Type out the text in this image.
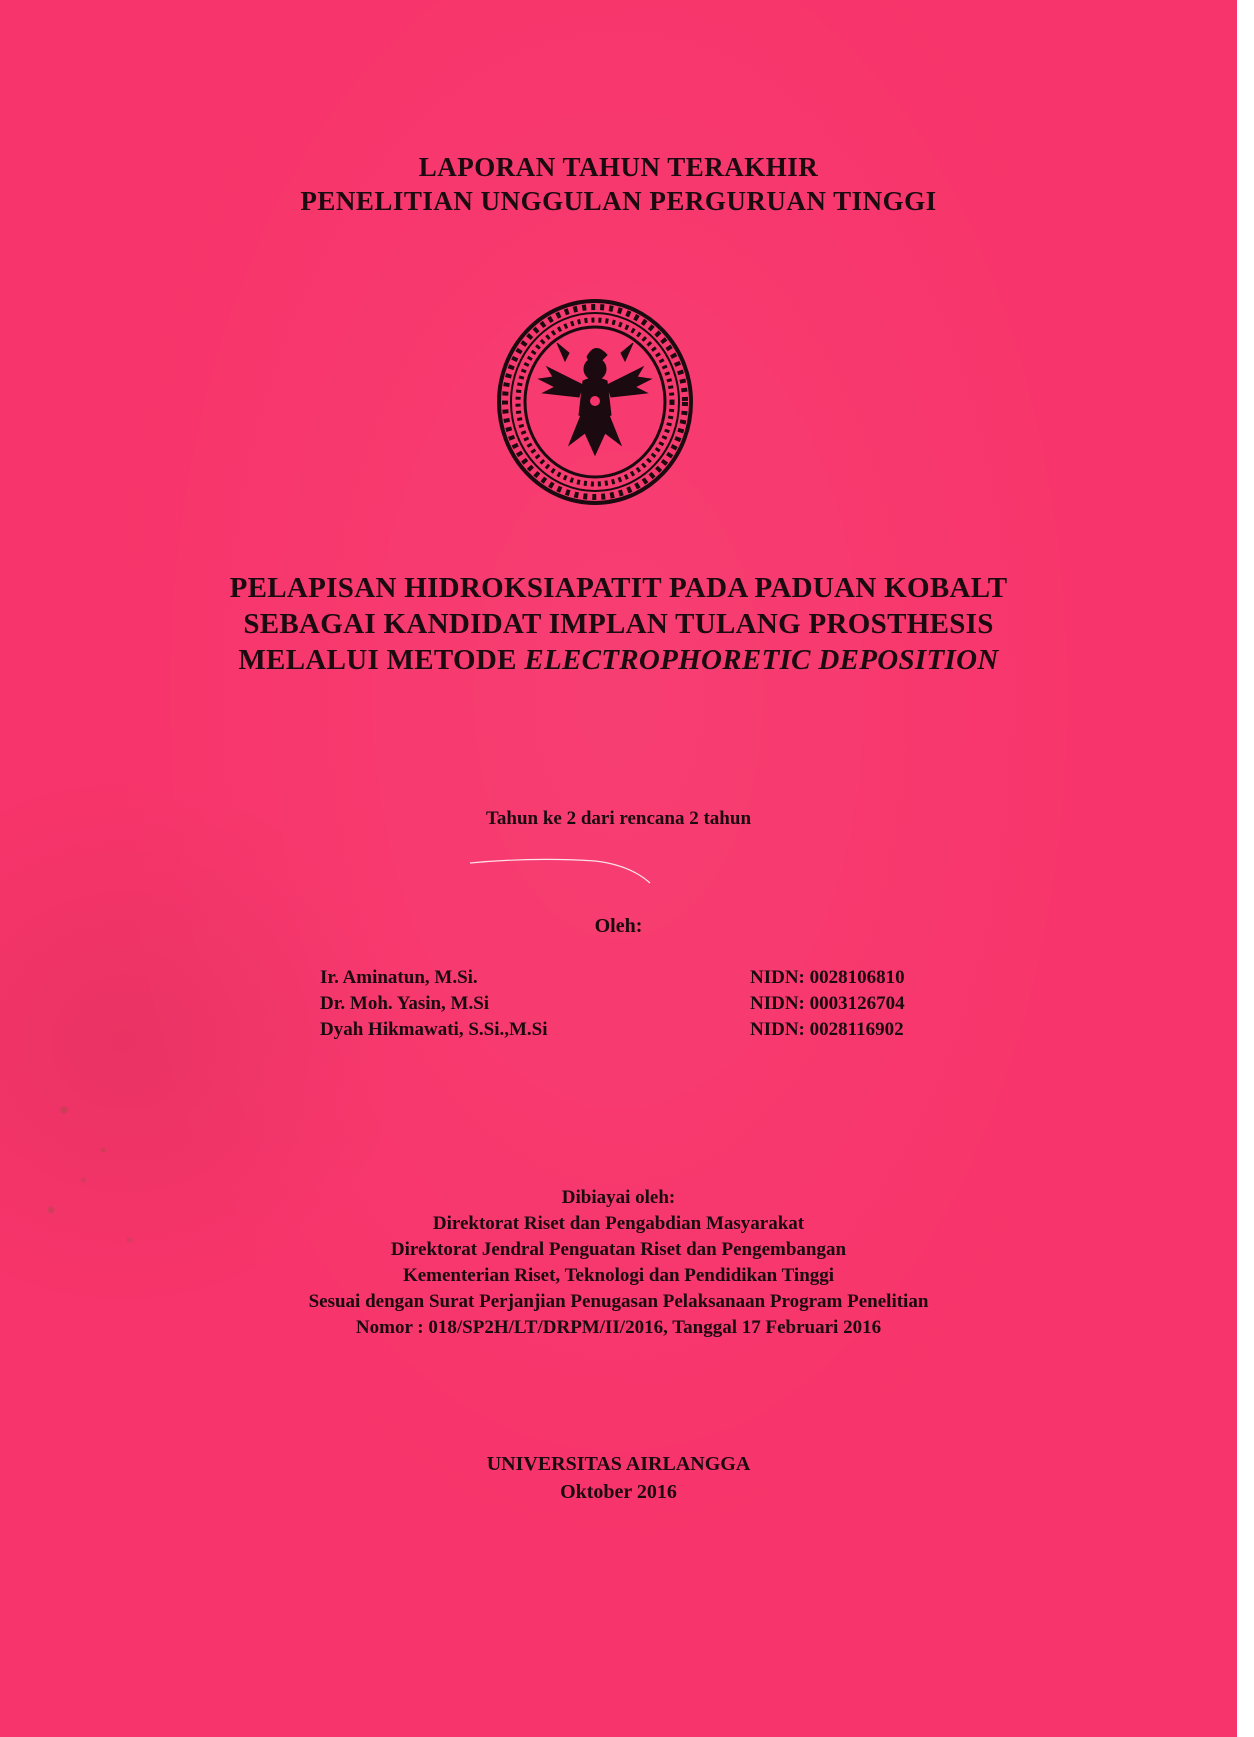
LAPORAN TAHUN TERAKHIR
PENELITIAN UNGGULAN PERGURUAN TINGGI
PELAPISAN HIDROKSIAPATIT PADA PADUAN KOBALT
SEBAGAI KANDIDAT IMPLAN TULANG PROSTHESIS
MELALUI METODE ELECTROPHORETIC DEPOSITION
Tahun ke 2 dari rencana 2 tahun
Oleh:
Ir. Aminatun, M.Si.	NIDN: 0028106810
Dr. Moh. Yasin, M.Si	NIDN: 0003126704
Dyah Hikmawati, S.Si.,M.Si	NIDN: 0028116902
Dibiayai oleh:
Direktorat Riset dan Pengabdian Masyarakat
Direktorat Jendral Penguatan Riset dan Pengembangan
Kementerian Riset, Teknologi dan Pendidikan Tinggi
Sesuai dengan Surat Perjanjian Penugasan Pelaksanaan Program Penelitian
Nomor : 018/SP2H/LT/DRPM/II/2016, Tanggal 17 Februari 2016
UNIVERSITAS AIRLANGGA
Oktober 2016
